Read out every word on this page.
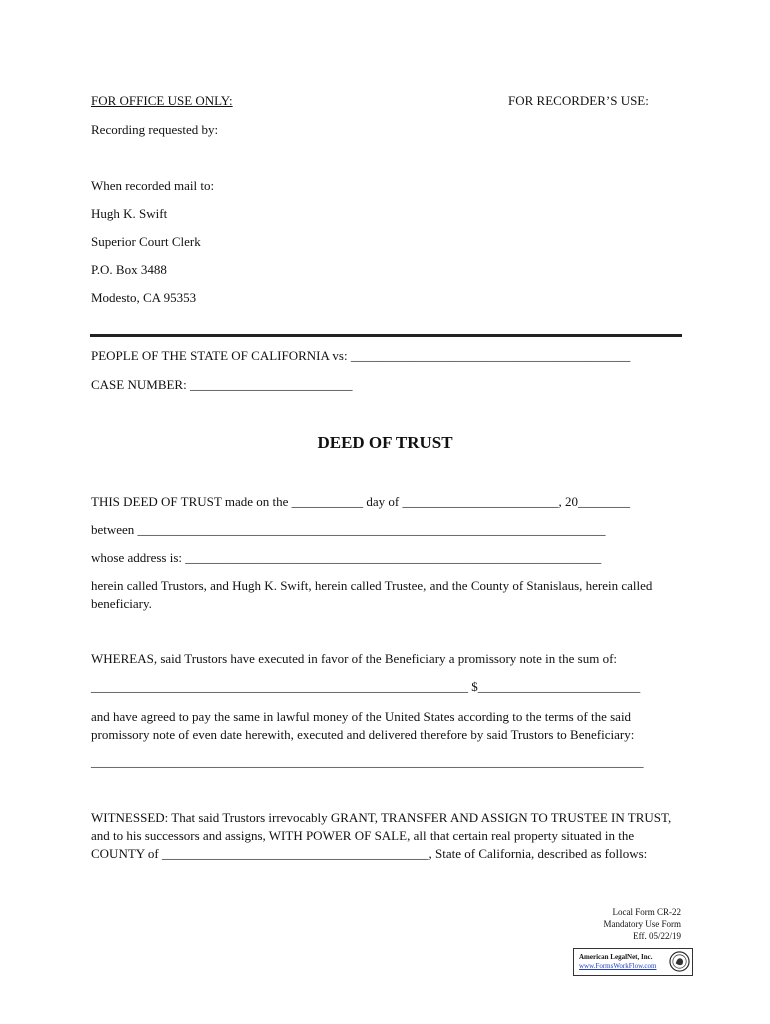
FOR OFFICE USE ONLY:	FOR RECORDER’S USE:
Recording requested by:
When recorded mail to:
Hugh K. Swift
Superior Court Clerk
P.O. Box 3488
Modesto, CA 95353
PEOPLE OF THE STATE OF CALIFORNIA vs: ___________________________________________
CASE NUMBER: _________________________
DEED OF TRUST
THIS DEED OF TRUST made on the ___________ day of ________________________, 20________
between ________________________________________________________________________
whose address is: ________________________________________________________________
herein called Trustors, and Hugh K. Swift, herein called Trustee, and the County of Stanislaus, herein called beneficiary.
WHEREAS, said Trustors have executed in favor of the Beneficiary a promissory note in the sum of:
__________________________________________________________ $_________________________
and have agreed to pay the same in lawful money of the United States according to the terms of the said promissory note of even date herewith, executed and delivered therefore by said Trustors to Beneficiary:
_____________________________________________________________________________________
WITNESSED: That said Trustors irrevocably GRANT, TRANSFER AND ASSIGN TO TRUSTEE IN TRUST, and to his successors and assigns, WITH POWER OF SALE, all that certain real property situated in the COUNTY of _________________________________________, State of California, described as follows:
Local Form CR-22
Mandatory Use Form
Eff. 05/22/19
American LegalNet, Inc.
www.FormsWorkFlow.com
